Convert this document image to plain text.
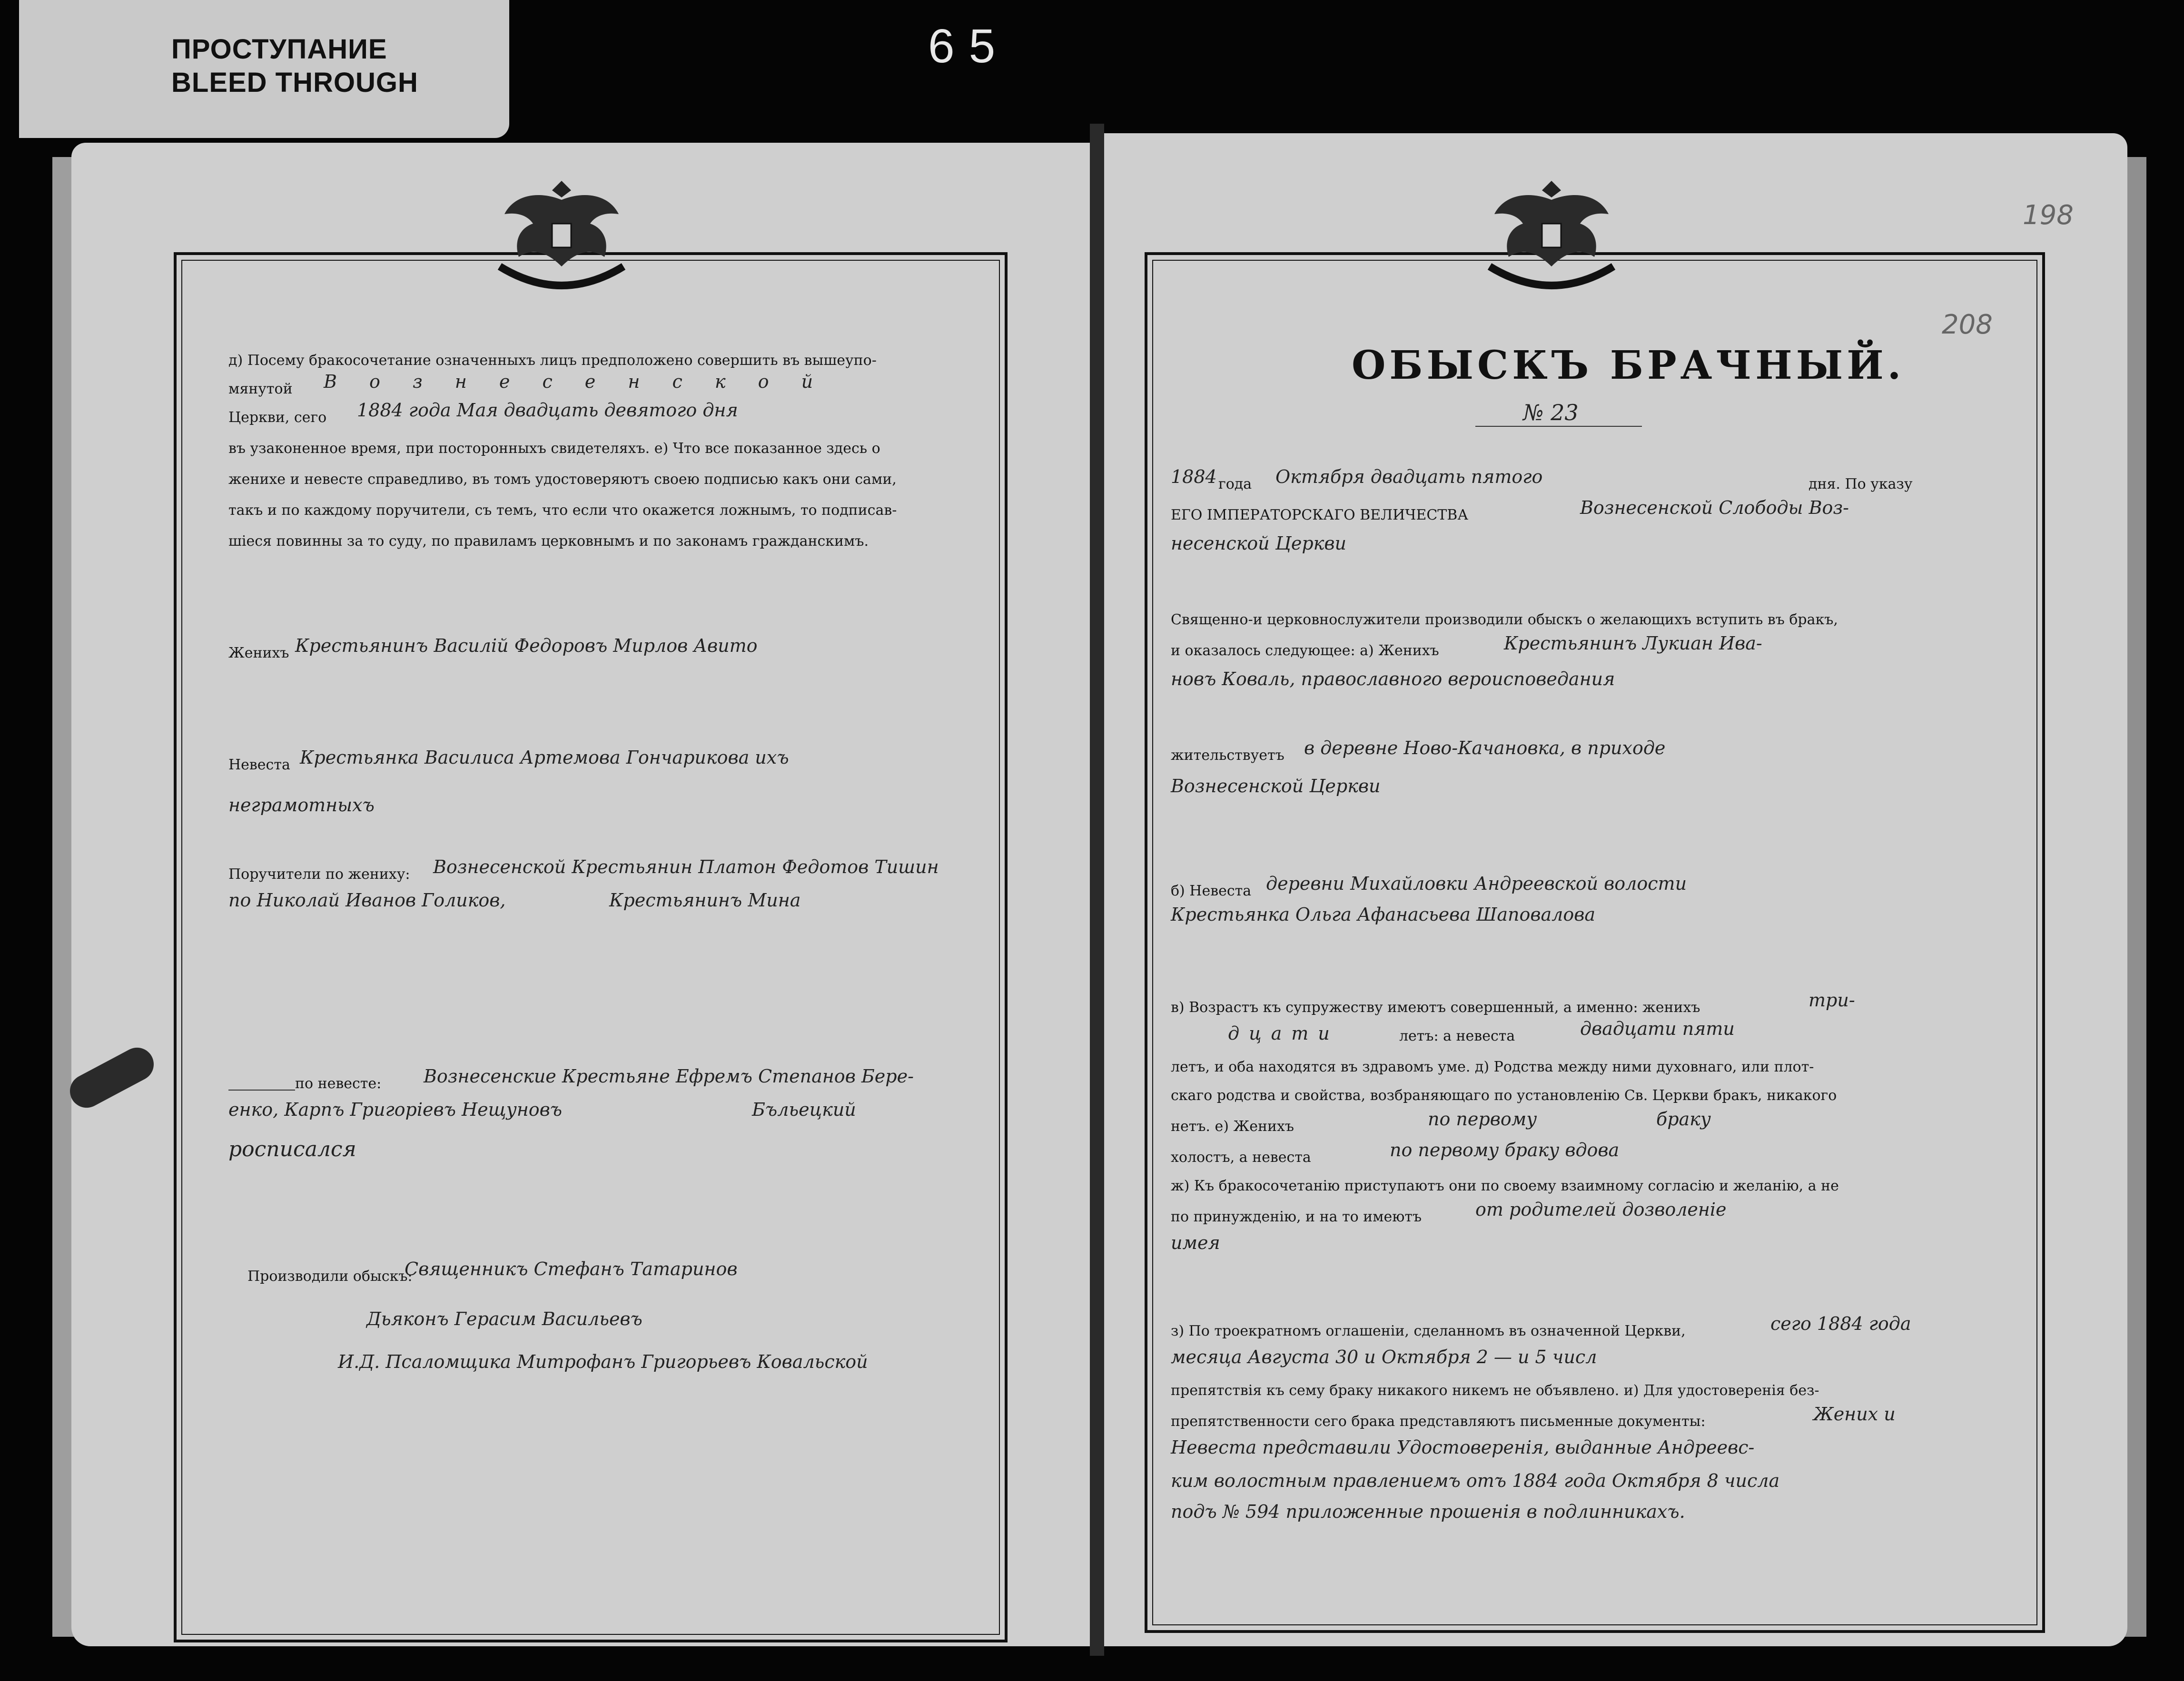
ПРОСТУПАНИЕ
BLEED THROUGH
65
д) Посему бракосочетание означенныхъ лицъ предположено совершить въ вышеупо-
мянутой В о з н е с е н с к о й
Церкви, сего 1884 года Мая двадцать девятого дня
въ узаконенное время, при посторонныхъ свидетеляхъ. е) Что все показанное здесь о
женихе и невесте справедливо, въ томъ удостоверяютъ своею подписью какъ они сами,
такъ и по каждому поручители, съ темъ, что если что окажется ложнымъ, то подписав-
шiеся повинны за то суду, по правиламъ церковнымъ и по законамъ гражданскимъ.
Женихъ Крестьянинъ Василiй Федоровъ Мирлов Авито
Невеста Крестьянка Василиса Артемова Гончарикова ихъ
неграмотныхъ
Поручители по жениху: Вознесенской Крестьянин Платон Федотов Тишин
по Николай Иванов Голиков,	Крестьянинъ Мина
по невесте: Вознесенские Крестьяне Ефремъ Степанов Бере-
енко, Карпъ Григорiевъ Нещуновъ	Бъльецкий
росписался
Производили обыскъ:
Священникъ Стефанъ Татаринов
Дьяконъ Герасим Васильевъ
И.Д. Псаломщика Митрофанъ Григорьевъ Ковальской
198
208
ОБЫСКЪ БРАЧНЫЙ.
№ 23
1884 года Октября двадцать пятого	дня. По указу
ЕГО IМПЕРАТОРСКАГО ВЕЛИЧЕСТВА	Вознесенской Слободы Воз-
несенской Церкви
Священно-и церковнослужители производили обыскъ о желающихъ вступить въ бракъ,
и оказалось следующее: а) Женихъ	Крестьянинъ Лукиан Ива-
новъ Коваль, православного вероисповедания
жительствуетъ в деревне Ново-Качановка, в приходе
Вознесенской Церкви
б) Невеста деревни Михайловки Андреевской волости
Крестьянка Ольга Афанасьева Шаповалова
в) Возрастъ къ супружеству имеютъ совершенный, а именно: женихъ	три-
дцати	летъ: а невеста	двадцати пяти
летъ, и оба находятся въ здравомъ уме. д) Родства между ними духовнаго, или плот-
скаго родства и свойства, возбраняющаго по установленiю Св. Церкви бракъ, никакого
нетъ. е) Женихъ	по первому	браку
холостъ, а невеста	по первому браку вдова
ж) Къ бракосочетанiю приступаютъ они по своему взаимному согласiю и желанiю, а не
по принужденiю, и на то имеютъ	от родителей дозволенiе
имея
з) По троекратномъ оглашенiи, сделанномъ въ означенной Церкви,	сего 1884 года
месяца Августа 30 и Октября 2 — и 5 числ
препятствiя къ сему браку никакого никемъ не объявлено. и) Для удостоверенiя без-
препятственности сего брака представляютъ письменные документы:	Жених и
Невеста представили Удостоверенiя, выданные Андреевс-
ким волостным правлениемъ отъ 1884 года Октября 8 числа
подъ № 594 приложенные прошенiя в подлинникахъ.
